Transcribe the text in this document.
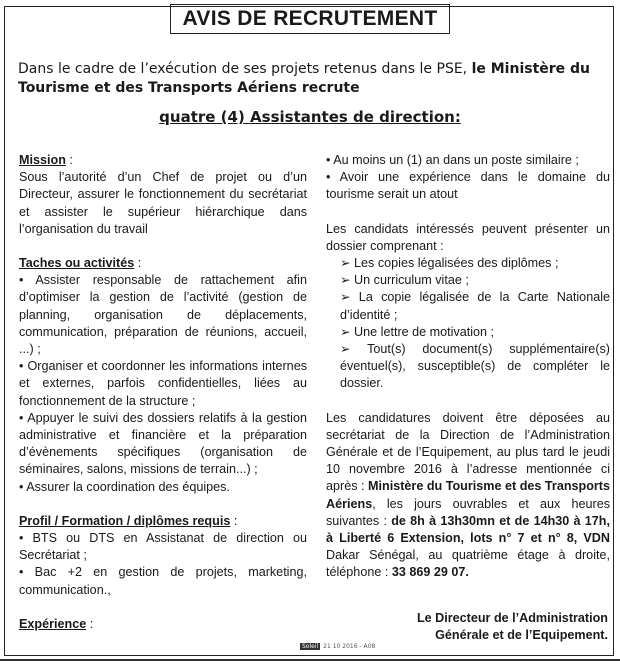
AVIS DE RECRUTEMENT
Dans le cadre de l’exécution de ses projets retenus dans le PSE, le Ministère du Tourisme et des Transports Aériens recrute
quatre (4) Assistantes de direction:
Mission :
Sous l’autorité d’un Chef de projet ou d’un Directeur, assurer le fonctionnement du secrétariat et assister le supérieur hiérarchique dans l’organisation du travail
Taches ou activités :
• Assister responsable de rattachement afin d’optimiser la gestion de l’activité (gestion de planning, organisation de déplacements, communication, préparation de réunions, accueil, ...) ;
• Organiser et coordonner les informations internes et externes, parfois confidentielles, liées au fonctionnement de la structure ;
• Appuyer le suivi des dossiers relatifs à la gestion administrative et financière et la préparation d’évènements spécifiques (organisation de séminaires, salons, missions de terrain...) ;
• Assurer la coordination des équipes.
Profil / Formation / diplômes requis :
• BTS ou DTS en Assistanat de direction ou Secrétariat ;
• Bac +2 en gestion de projets, marketing, communication.,
Expérience :
• Au moins un (1) an dans un poste similaire ;
• Avoir une expérience dans le domaine du tourisme serait un atout
Les candidats intéressés peuvent présenter un dossier comprenant :
➢ Les copies légalisées des diplômes ;
➢ Un curriculum vitae ;
➢ La copie légalisée de la Carte Nationale d’identité ;
➢ Une lettre de motivation ;
➢ Tout(s) document(s) supplémentaire(s) éventuel(s), susceptible(s) de compléter le dossier.
Les candidatures doivent être déposées au secrétariat de la Direction de l’Administration Générale et de l’Equipement, au plus tard le jeudi 10 novembre 2016 à l’adresse mentionnée ci après : Ministère du Tourisme et des Transports Aériens, les jours ouvrables et aux heures suivantes : de 8h à 13h30mn et de 14h30 à 17h, à Liberté 6 Extension, lots n° 7 et n° 8, VDN Dakar Sénégal, au quatrième étage à droite, téléphone : 33 869 29 07.
Le Directeur de l’Administration
Générale et de l’Equipement.
Soleil 21 10 2016 - A08
